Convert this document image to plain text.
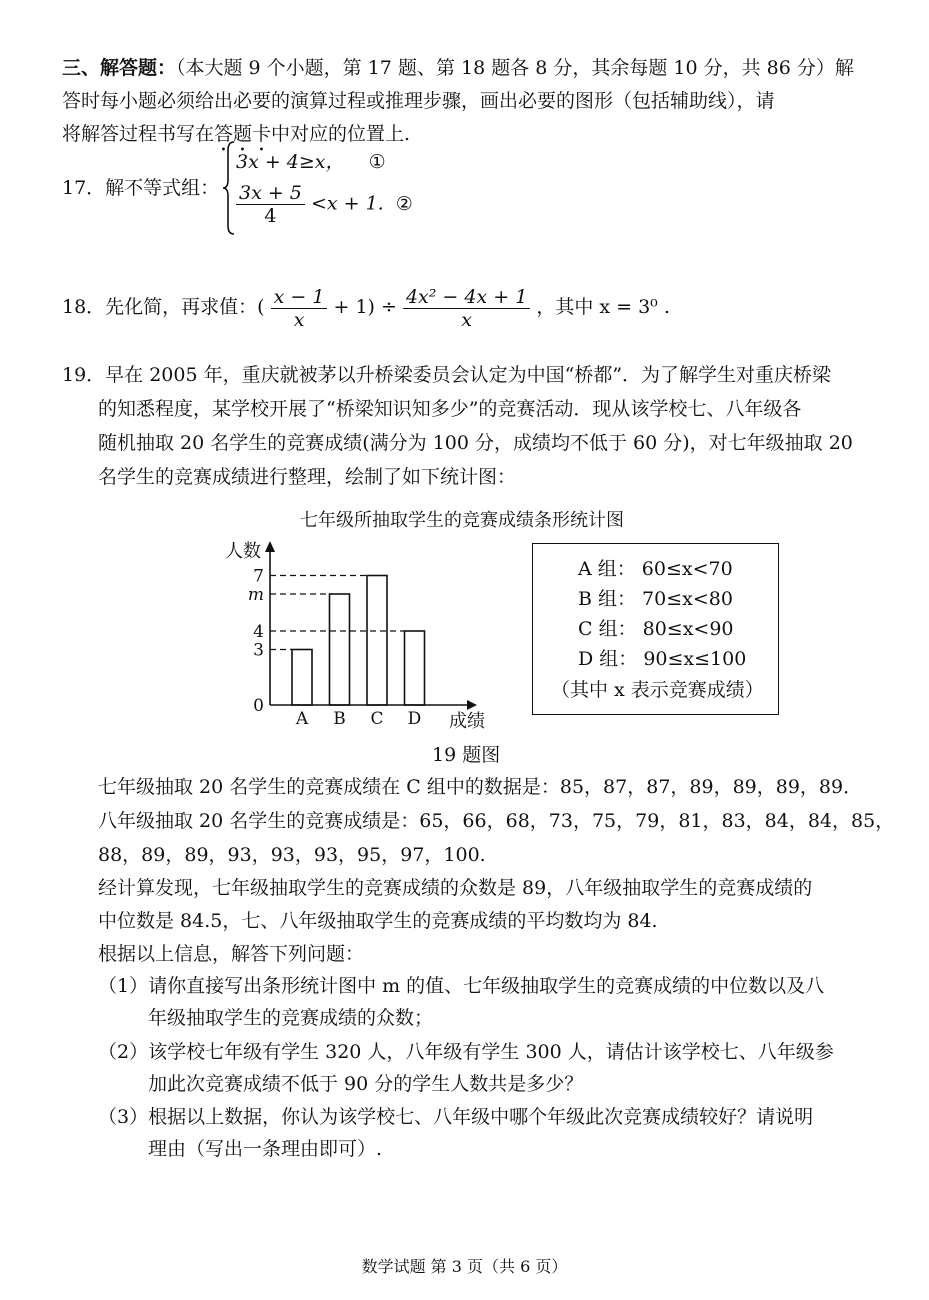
三、解答题：（本大题 9 个小题，第 17 题、第 18 题各 8 分，其余每题 10 分，共 86 分）解
答时每小题必须给出必要的演算过程或推理步骤，画出必要的图形（包括辅助线），请
将解答过程书写在答题卡中对应的位置上.
17．解不等式组：
3x + 4≥x， ①
$\frac{3x + 5}{4} <x + 1$. ②
18．先化简，再求值：( $\frac{x - 1}{x} + 1) \div \frac{\text{4x² − 4x + 1}}{x}$ ，其中 x = 3⁰ .
19．早在 2005 年，重庆就被茅以升桥梁委员会认定为中国“桥都”．为了解学生对重庆桥梁
的知悉程度，某学校开展了“桥梁知识知多少”的竞赛活动．现从该学校七、八年级各
随机抽取 20 名学生的竞赛成绩(满分为 100 分，成绩均不低于 60 分)，对七年级抽取 20
名学生的竞赛成绩进行整理，绘制了如下统计图：
七年级所抽取学生的竞赛成绩条形统计图
人数
成绩
0
3
4
m
7
A B C D
A 组： 60≤x<70
B 组： 70≤x<80
C 组： 80≤x<90
D 组： 90≤x≤100
（其中 x 表示竞赛成绩）
19 题图
七年级抽取 20 名学生的竞赛成绩在 C 组中的数据是：85，87，87，89，89，89，89．
八年级抽取 20 名学生的竞赛成绩是：65，66，68，73，75，79，81，83，84，84，85，
88，89，89，93，93，93，95，97，100.
经计算发现，七年级抽取学生的竞赛成绩的众数是 89，八年级抽取学生的竞赛成绩的
中位数是 84.5，七、八年级抽取学生的竞赛成绩的平均数均为 84.
根据以上信息，解答下列问题：
（1）请你直接写出条形统计图中 m 的值、七年级抽取学生的竞赛成绩的中位数以及八
年级抽取学生的竞赛成绩的众数；
（2）该学校七年级有学生 320 人，八年级有学生 300 人，请估计该学校七、八年级参
加此次竞赛成绩不低于 90 分的学生人数共是多少？
（3）根据以上数据，你认为该学校七、八年级中哪个年级此次竞赛成绩较好？请说明
理由（写出一条理由即可）.
数学试题 第 3 页（共 6 页）
